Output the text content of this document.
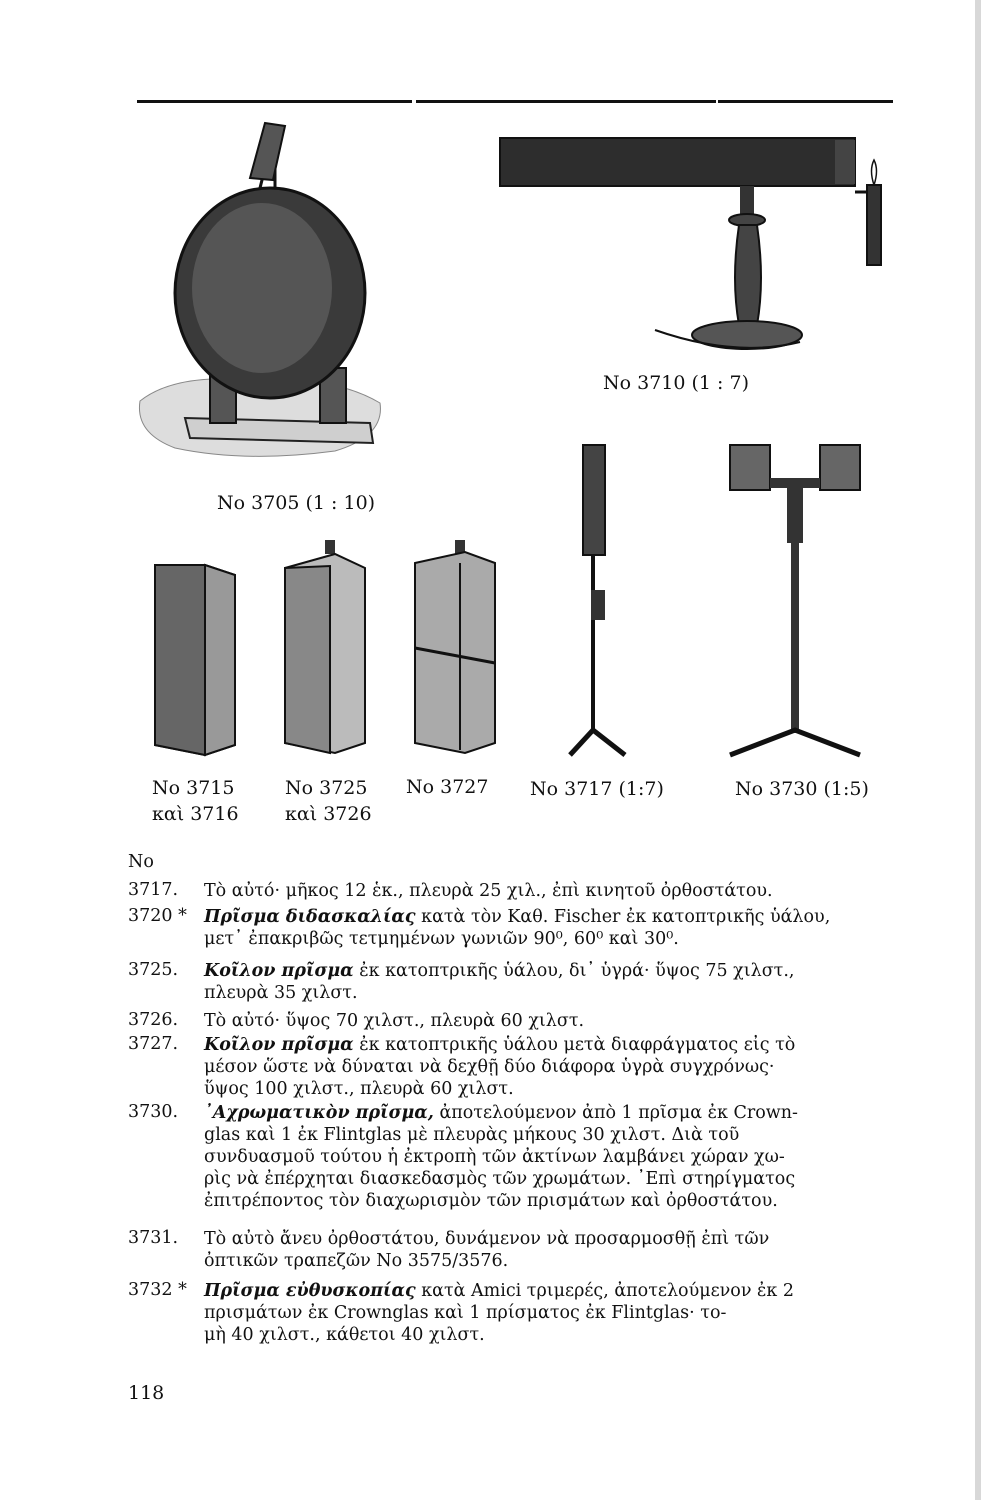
No 3710 (1 : 7)
No 3705 (1 : 10)
No 3715
καὶ 3716
No 3725
καὶ 3726
No 3727 No 3717 (1:7)	No 3730 (1:5)
No
3717. Τὸ αὐτό· μῆκος 12 ἑκ., πλευρὰ 25 χιλ., ἐπὶ κινητοῦ ὀρθοστάτου.
3720 * Πρῖσμα διδασκαλίας κατὰ τὸν Καθ. Fischer ἐκ κατοπτρικῆς ὑάλου,
μετ᾽ ἐπακριβῶς τετμημένων γωνιῶν 90⁰, 60⁰ καὶ 30⁰.
3725. Κοῖλον πρῖσμα ἐκ κατοπτρικῆς ὑάλου, δι᾽ ὑγρά· ὕψος 75 χιλστ.,
πλευρὰ 35 χιλστ.
3726. Τὸ αὐτό· ὕψος 70 χιλστ., πλευρὰ 60 χιλστ.
3727. Κοῖλον πρῖσμα ἐκ κατοπτρικῆς ὑάλου μετὰ διαφράγματος εἰς τὸ
μέσον ὥστε νὰ δύναται νὰ δεχθῇ δύο διάφορα ὑγρὰ συγχρόνως·
ὕψος 100 χιλστ., πλευρὰ 60 χιλστ.
3730. ᾿Αχρωματικὸν πρῖσμα, ἀποτελούμενον ἀπὸ 1 πρῖσμα ἐκ Crown-
glas καὶ 1 ἐκ Flintglas μὲ πλευρὰς μήκους 30 χιλστ. Διὰ τοῦ
συνδυασμοῦ τούτου ἡ ἐκτροπὴ τῶν ἀκτίνων λαμβάνει χώραν χω-
ρὶς νὰ ἐπέρχηται διασκεδασμὸς τῶν χρωμάτων. ᾿Επὶ στηρίγματος
ἐπιτρέποντος τὸν διαχωρισμὸν τῶν πρισμάτων καὶ ὀρθοστάτου.
3731. Τὸ αὐτὸ ἄνευ ὀρθοστάτου, δυνάμενον νὰ προσαρμοσθῇ ἐπὶ τῶν
ὀπτικῶν τραπεζῶν No 3575/3576.
3732 * Πρῖσμα εὐθυσκοπίας κατὰ Amici τριμερές, ἀποτελούμενον ἐκ 2
πρισμάτων ἐκ Crownglas καὶ 1 πρίσματος ἐκ Flintglas· το-
μὴ 40 χιλστ., κάθετοι 40 χιλστ.
118
